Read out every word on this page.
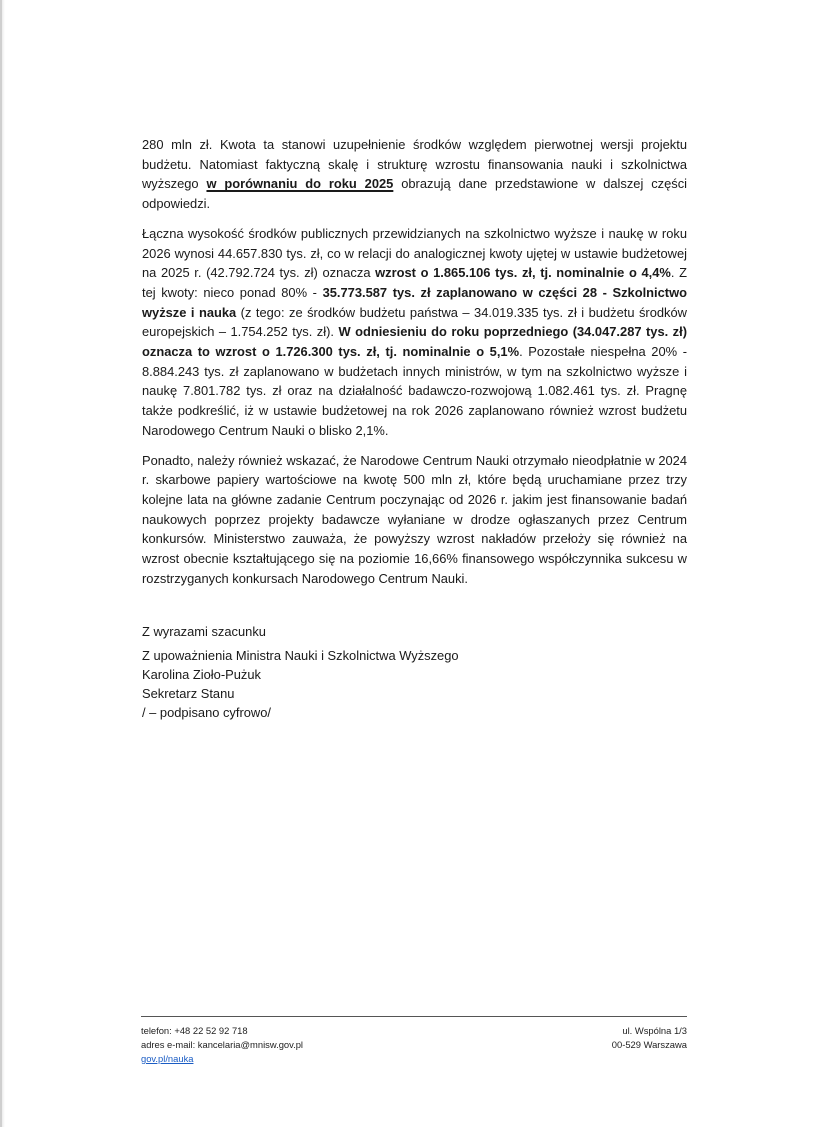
280 mln zł. Kwota ta stanowi uzupełnienie środków względem pierwotnej wersji projektu budżetu. Natomiast faktyczną skalę i strukturę wzrostu finansowania nauki i szkolnictwa wyższego w porównaniu do roku 2025 obrazują dane przedstawione w dalszej części odpowiedzi.

Łączna wysokość środków publicznych przewidzianych na szkolnictwo wyższe i naukę w roku 2026 wynosi 44.657.830 tys. zł, co w relacji do analogicznej kwoty ujętej w ustawie budżetowej na 2025 r. (42.792.724 tys. zł) oznacza wzrost o 1.865.106 tys. zł, tj. nominalnie o 4,4%. Z tej kwoty: nieco ponad 80% - 35.773.587 tys. zł zaplanowano w części 28 - Szkolnictwo wyższe i nauka (z tego: ze środków budżetu państwa – 34.019.335 tys. zł i budżetu środków europejskich – 1.754.252 tys. zł). W odniesieniu do roku poprzedniego (34.047.287 tys. zł) oznacza to wzrost o 1.726.300 tys. zł, tj. nominalnie o 5,1%. Pozostałe niespełna 20% - 8.884.243 tys. zł zaplanowano w budżetach innych ministrów, w tym na szkolnictwo wyższe i naukę 7.801.782 tys. zł oraz na działalność badawczo-rozwojową 1.082.461 tys. zł. Pragnę także podkreślić, iż w ustawie budżetowej na rok 2026 zaplanowano również wzrost budżetu Narodowego Centrum Nauki o blisko 2,1%.

Ponadto, należy również wskazać, że Narodowe Centrum Nauki otrzymało nieodpłatnie w 2024 r. skarbowe papiery wartościowe na kwotę 500 mln zł, które będą uruchamiane przez trzy kolejne lata na główne zadanie Centrum poczynając od 2026 r. jakim jest finansowanie badań naukowych poprzez projekty badawcze wyłaniane w drodze ogłaszanych przez Centrum konkursów. Ministerstwo zauważa, że powyższy wzrost nakładów przełoży się również na wzrost obecnie kształtującego się na poziomie 16,66% finansowego współczynnika sukcesu w rozstrzyganych konkursach Narodowego Centrum Nauki.

Z wyrazami szacunku
Z upoważnienia Ministra Nauki i Szkolnictwa Wyższego
Karolina Zioło-Pużuk
Sekretarz Stanu
/ – podpisano cyfrowo/
telefon: +48 22 52 92 718
adres e-mail: kancelaria@mnisw.gov.pl
gov.pl/nauka
ul. Wspólna 1/3
00-529 Warszawa
